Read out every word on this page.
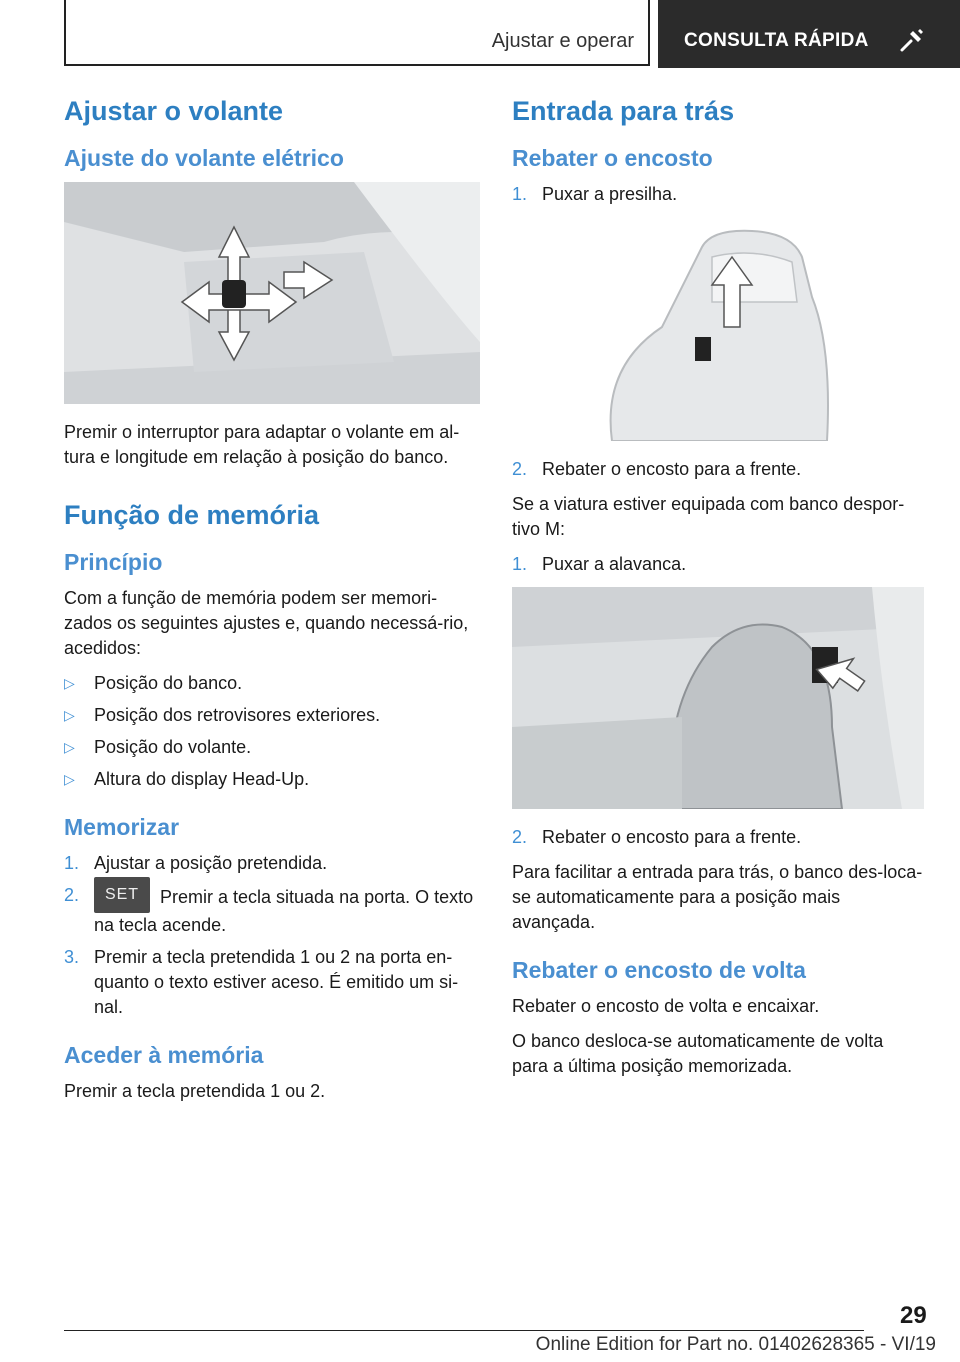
Ajustar e operar	CONSULTA RÁPIDA
Ajustar o volante
Ajuste do volante elétrico

Premir o interruptor para adaptar o volante em al-tura e longitude em relação à posição do banco.

Função de memória
Princípio

Com a função de memória podem ser memori-zados os seguintes ajustes e, quando necessá-rio, acedidos:

▷ Posição do banco.
▷ Posição dos retrovisores exteriores.
▷ Posição do volante.
▷ Altura do display Head-Up.
Memorizar
1. Ajustar a posição pretendida.
2. SET Premir a tecla situada na porta. O texto na tecla acende.
3. Premir a tecla pretendida 1 ou 2 na porta en-quanto o texto estiver aceso. É emitido um si-nal.
Aceder à memória

Premir a tecla pretendida 1 ou 2.

Entrada para trás
Rebater o encosto
1. Puxar a presilha.
2. Rebater o encosto para a frente.

Se a viatura estiver equipada com banco despor-tivo M:

1. Puxar a alavanca.
2. Rebater o encosto para a frente.

Para facilitar a entrada para trás, o banco des-loca-se automaticamente para a posição mais avançada.

Rebater o encosto de volta

Rebater o encosto de volta e encaixar.

O banco desloca-se automaticamente de volta para a última posição memorizada.

29
Online Edition for Part no. 01402628365 - VI/19
